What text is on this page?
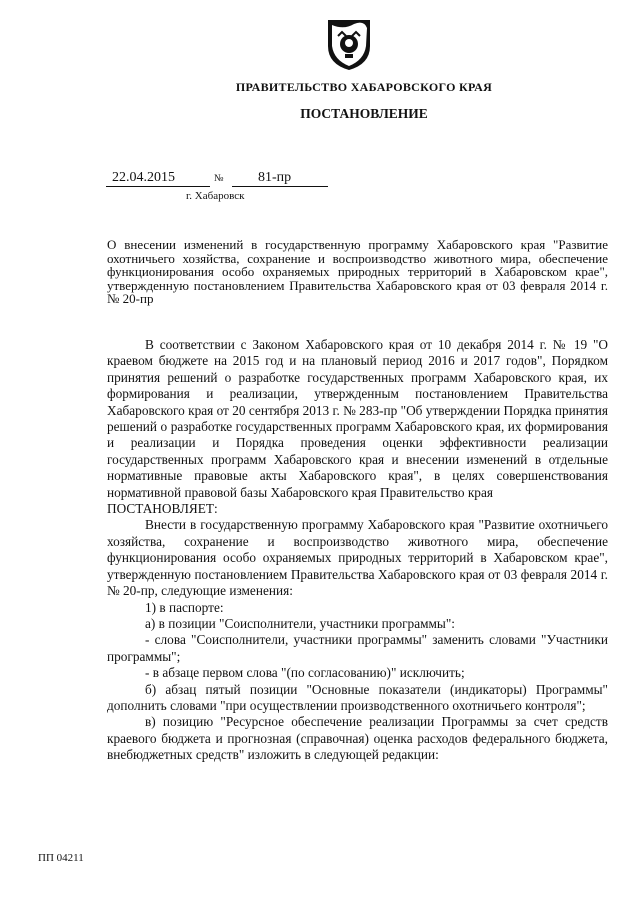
ПРАВИТЕЛЬСТВО ХАБАРОВСКОГО КРАЯ
ПОСТАНОВЛЕНИЕ
22.04.2015	№	81-пр
г. Хабаровск
О внесении изменений в государственную программу Хабаровского края "Развитие охотничьего хозяйства, сохранение и воспроизводство животного мира, обеспечение функционирования особо охраняемых природных территорий в Хабаровском крае", утвержденную постановлением Правительства Хабаровского края от 03 февраля 2014 г. № 20-пр

В соответствии с Законом Хабаровского края от 10 декабря 2014 г. № 19 "О краевом бюджете на 2015 год и на плановый период 2016 и 2017 годов", Порядком принятия решений о разработке государственных программ Хабаровского края, их формирования и реализации, утвержденным постановлением Правительства Хабаровского края от 20 сентября 2013 г. № 283-пр "Об утверждении Порядка принятия решений о разработке государственных программ Хабаровского края, их формирования и реализации и Порядка проведения оценки эффективности реализации государственных программ Хабаровского края и внесении изменений в отдельные нормативные правовые акты Хабаровского края", в целях совершенствования нормативной правовой базы Хабаровского края Правительство края

ПОСТАНОВЛЯЕТ:

Внести в государственную программу Хабаровского края "Развитие охотничьего хозяйства, сохранение и воспроизводство животного мира, обеспечение функционирования особо охраняемых природных территорий в Хабаровском крае", утвержденную постановлением Правительства Хабаровского края от 03 февраля 2014 г. № 20-пр, следующие изменения:

1) в паспорте:

а) в позиции "Соисполнители, участники программы":

- слова "Соисполнители, участники программы" заменить словами "Участники программы";

- в абзаце первом слова "(по согласованию)" исключить;

б) абзац пятый позиции "Основные показатели (индикаторы) Программы" дополнить словами "при осуществлении производственного охотничьего контроля";

в) позицию "Ресурсное обеспечение реализации Программы за счет средств краевого бюджета и прогнозная (справочная) оценка расходов федерального бюджета, внебюджетных средств" изложить в следующей редакции:

ПП 04211
